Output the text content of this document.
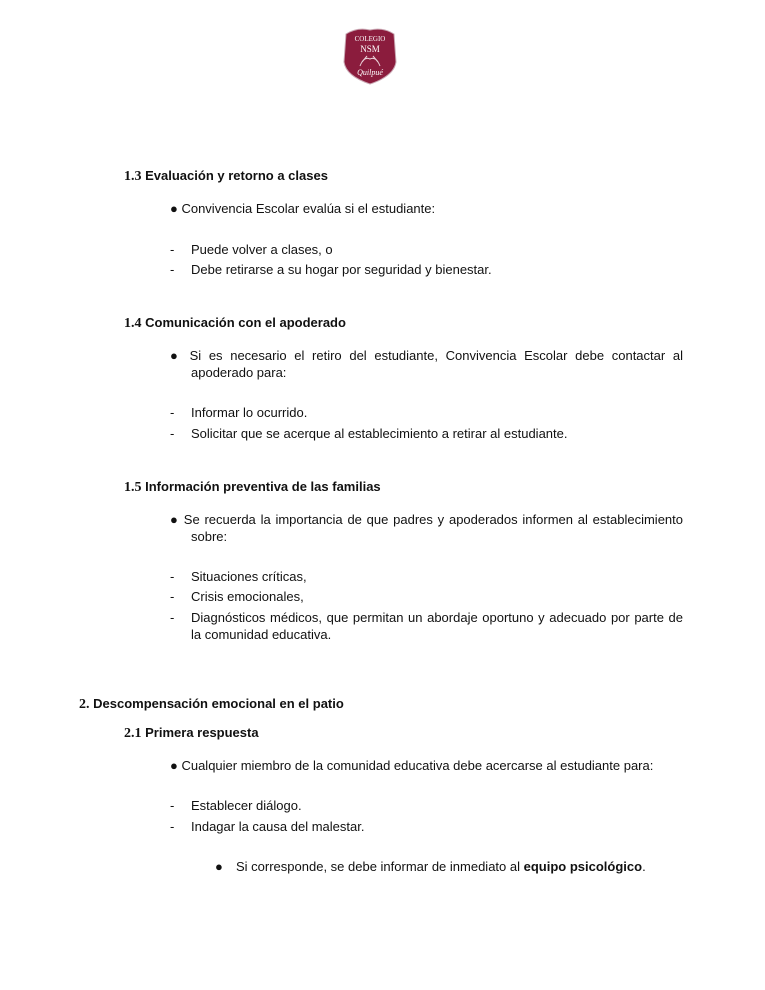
COLEGIO
NSM
Quilpué
1.3 Evaluación y retorno a clases
● Convivencia Escolar evalúa si el estudiante:
- Puede volver a clases, o
- Debe retirarse a su hogar por seguridad y bienestar.
1.4 Comunicación con el apoderado
● Si es necesario el retiro del estudiante, Convivencia Escolar debe contactar al apoderado para:
- Informar lo ocurrido.
- Solicitar que se acerque al establecimiento a retirar al estudiante.
1.5 Información preventiva de las familias
● Se recuerda la importancia de que padres y apoderados informen al establecimiento sobre:
- Situaciones críticas,
- Crisis emocionales,
- Diagnósticos médicos, que permitan un abordaje oportuno y adecuado por parte de la comunidad educativa.
2. Descompensación emocional en el patio
2.1 Primera respuesta
● Cualquier miembro de la comunidad educativa debe acercarse al estudiante para:
- Establecer diálogo.
- Indagar la causa del malestar.
● Si corresponde, se debe informar de inmediato al equipo psicológico.
